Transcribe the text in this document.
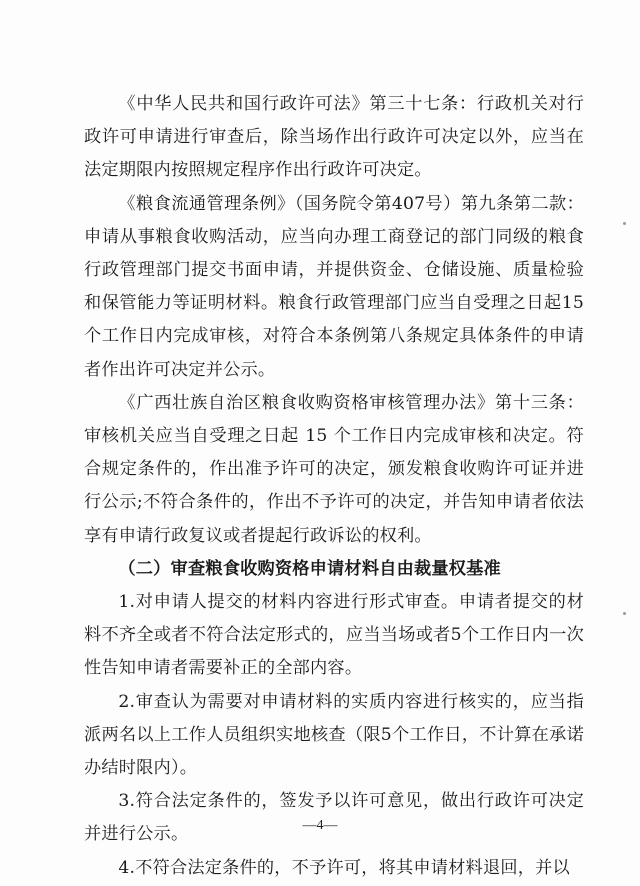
《中华人民共和国行政许可法》第三十七条：行政机关对行政许可申请进行审查后，除当场作出行政许可决定以外，应当在法定期限内按照规定程序作出行政许可决定。

《粮食流通管理条例》（国务院令第407号）第九条第二款：申请从事粮食收购活动，应当向办理工商登记的部门同级的粮食行政管理部门提交书面申请，并提供资金、仓储设施、质量检验和保管能力等证明材料。粮食行政管理部门应当自受理之日起15 个工作日内完成审核，对符合本条例第八条规定具体条件的申请者作出许可决定并公示。

《广西壮族自治区粮食收购资格审核管理办法》第十三条：审核机关应当自受理之日起 15 个工作日内完成审核和决定。符合规定条件的，作出准予许可的决定，颁发粮食收购许可证并进行公示;不符合条件的，作出不予许可的决定，并告知申请者依法享有申请行政复议或者提起行政诉讼的权利。

（二）审查粮食收购资格申请材料自由裁量权基准

1.对申请人提交的材料内容进行形式审查。申请者提交的材料不齐全或者不符合法定形式的，应当当场或者5个工作日内一次性告知申请者需要补正的全部内容。

2.审查认为需要对申请材料的实质内容进行核实的，应当指派两名以上工作人员组织实地核查（限5个工作日，不计算在承诺办结时限内）。

3.符合法定条件的，签发予以许可意见，做出行政许可决定并进行公示。

4.不符合法定条件的，不予许可，将其申请材料退回，并以

—4—
